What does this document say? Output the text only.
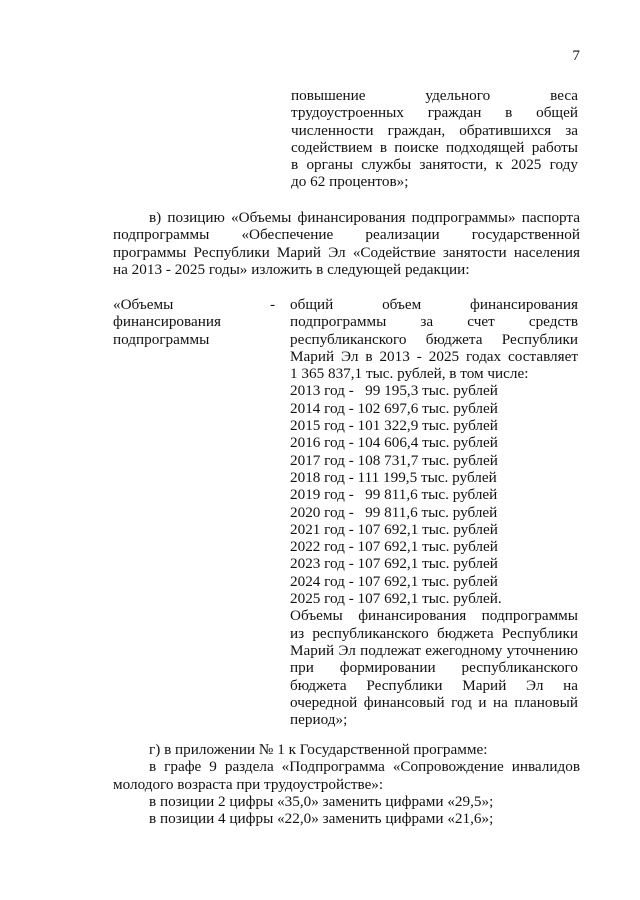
7
повышение удельного веса
трудоустроенных граждан в общей
численности граждан, обратившихся за
содействием в поиске подходящей работы
в органы службы занятости, к 2025 году
до 62 процентов»;
в) позицию «Объемы финансирования подпрограммы» паспорта
подпрограммы «Обеспечение реализации государственной
программы Республики Марий Эл «Содействие занятости населения
на 2013 - 2025 годы» изложить в следующей редакции:
«Объемы
финансирования
подпрограммы
- общий объем финансирования
подпрограммы за счет средств
республиканского бюджета Республики
Марий Эл в 2013 - 2025 годах составляет
1 365 837,1 тыс. рублей, в том числе:
2013 год -   99 195,3 тыс. рублей
2014 год - 102 697,6 тыс. рублей
2015 год - 101 322,9 тыс. рублей
2016 год - 104 606,4 тыс. рублей
2017 год - 108 731,7 тыс. рублей
2018 год - 111 199,5 тыс. рублей
2019 год -   99 811,6 тыс. рублей
2020 год -   99 811,6 тыс. рублей
2021 год - 107 692,1 тыс. рублей
2022 год - 107 692,1 тыс. рублей
2023 год - 107 692,1 тыс. рублей
2024 год - 107 692,1 тыс. рублей
2025 год - 107 692,1 тыс. рублей.
Объемы финансирования подпрограммы
из республиканского бюджета Республики
Марий Эл подлежат ежегодному уточнению
при формировании республиканского
бюджета Республики Марий Эл на
очередной финансовый год и на плановый
период»;
г) в приложении № 1 к Государственной программе:
в графе 9 раздела «Подпрограмма «Сопровождение инвалидов
молодого возраста при трудоустройстве»:
в позиции 2 цифры «35,0» заменить цифрами «29,5»;
в позиции 4 цифры «22,0» заменить цифрами «21,6»;
